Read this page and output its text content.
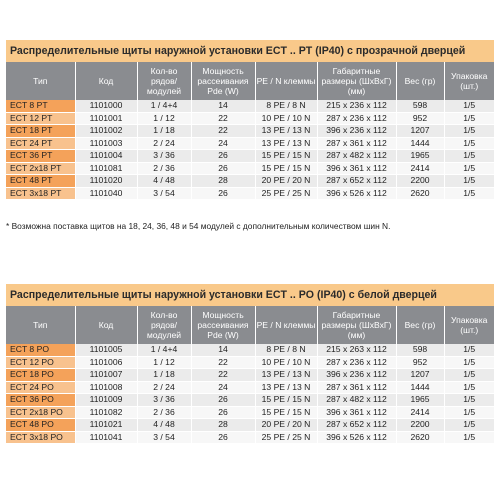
Распределительные щиты наружной установки ECT .. PT (IP40) с прозрачной дверцей
Тип	Код	Кол-во рядов/ модулей	Мощность рассеивания Pde (W)	PE / N клеммы	Габаритные размеры (ШхВхГ) (мм)	Вес (гр)	Упаковка (шт.)
ECT 8 PT	1101000	1 / 4+4	14	8 PE / 8 N	215 x 236 x 112	598	1/5
ECT 12 PT	1101001	1 / 12	22	10 PE / 10 N	287 x 236 x 112	952	1/5
ECT 18 PT	1101002	1 / 18	22	13 PE / 13 N	396 x 236 x 112	1207	1/5
ECT 24 PT	1101003	2 / 24	24	13 PE / 13 N	287 x 361 x 112	1444	1/5
ECT 36 PT	1101004	3 / 36	26	15 PE / 15 N	287 x 482 x 112	1965	1/5
ECT 2x18 PT	1101081	2 / 36	26	15 PE / 15 N	396 x 361 x 112	2414	1/5
ECT 48 PT	1101020	4 / 48	28	20 PE / 20 N	287 x 652 x 112	2200	1/5
ECT 3x18 PT	1101040	3 / 54	26	25 PE / 25 N	396 x 526 x 112	2620	1/5
* Возможна поставка щитов на 18, 24, 36, 48 и 54 модулей с дополнительным количеством шин N.
Распределительные щиты наружной установки ECT .. PO (IP40) с белой дверцей
Тип	Код	Кол-во рядов/ модулей	Мощность рассеивания Pde (W)	PE / N клеммы	Габаритные размеры (ШхВхГ) (мм)	Вес (гр)	Упаковка (шт.)
ECT 8 PO	1101005	1 / 4+4	14	8 PE / 8 N	215 x 263 x 112	598	1/5
ECT 12 PO	1101006	1 / 12	22	10 PE / 10 N	287 x 236 x 112	952	1/5
ECT 18 PO	1101007	1 / 18	22	13 PE / 13 N	396 x 236 x 112	1207	1/5
ECT 24 PO	1101008	2 / 24	24	13 PE / 13 N	287 x 361 x 112	1444	1/5
ECT 36 PO	1101009	3 / 36	26	15 PE / 15 N	287 x 482 x 112	1965	1/5
ECT 2x18 PO	1101082	2 / 36	26	15 PE / 15 N	396 x 361 x 112	2414	1/5
ECT 48 PO	1101021	4 / 48	28	20 PE / 20 N	287 x 652 x 112	2200	1/5
ECT 3x18 PO	1101041	3 / 54	26	25 PE / 25 N	396 x 526 x 112	2620	1/5
